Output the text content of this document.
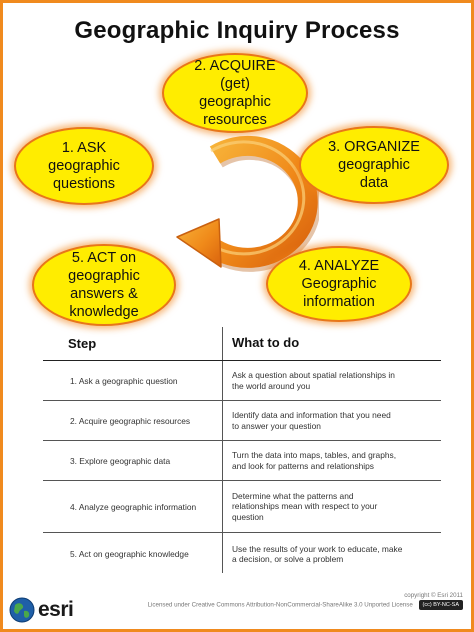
Geographic Inquiry Process
2. ACQUIRE
(get)
geographic
resources
1. ASK
geographic
questions
3. ORGANIZE
geographic
data
5. ACT on
geographic
answers &
knowledge
4. ANALYZE
Geographic
information
Step	What to do
1. Ask a geographic question
Ask a question about spatial relationships in
the world around you
2. Acquire geographic resources
Identify data and information that you need
to answer your question
3. Explore geographic data
Turn the data into maps, tables, and graphs,
and look for patterns and relationships
4. Analyze geographic information
Determine what the patterns and
relationships mean with respect to your
question
5. Act on geographic knowledge
Use the results of your work to educate, make
a decision, or solve a problem
copyright © Esri 2011
Licensed under Creative Commons Attribution-NonCommercial-ShareAlike 3.0 Unported License (cc) BY-NC-SA
esri
